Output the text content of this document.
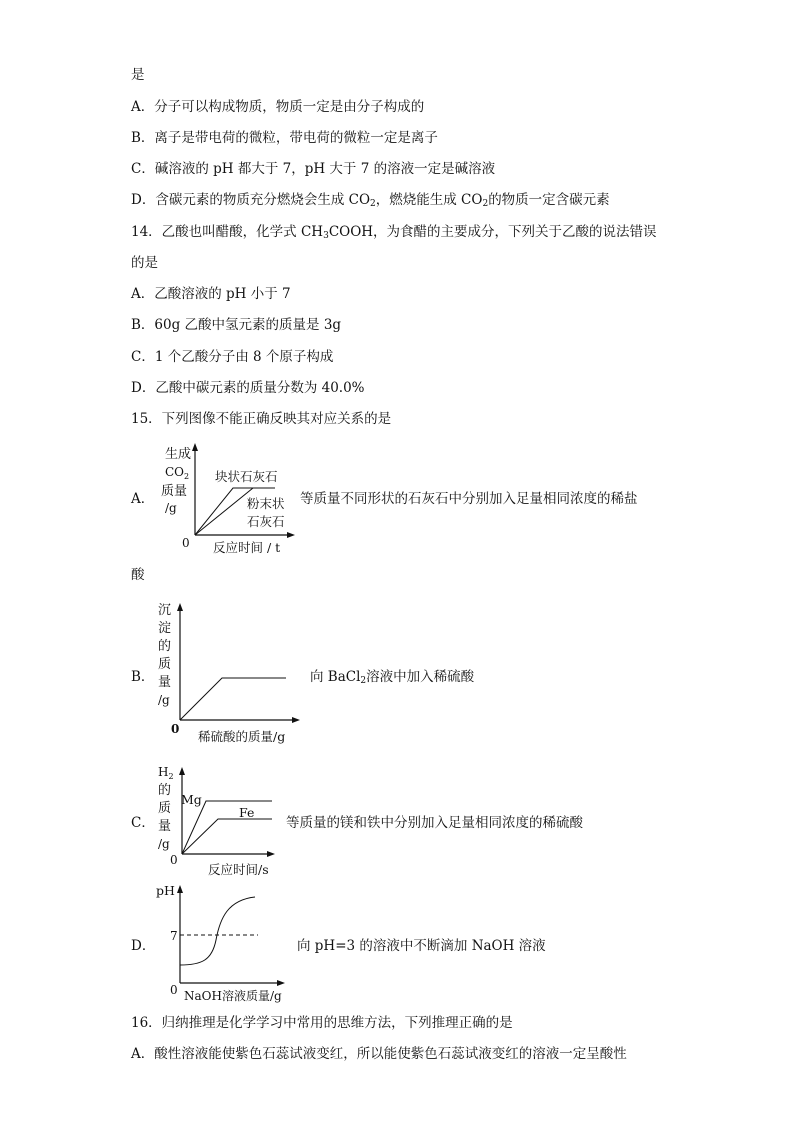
是
A．分子可以构成物质，物质一定是由分子构成的
B．离子是带电荷的微粒，带电荷的微粒一定是离子
C．碱溶液的 pH 都大于 7，pH 大于 7 的溶液一定是碱溶液
D．含碳元素的物质充分燃烧会生成 $CO_2$，燃烧能生成 $CO_2$的物质一定含碳元素
14．乙酸也叫醋酸，化学式 $CH_3COOH$，为食醋的主要成分，下列关于乙酸的说法错误
的是
A．乙酸溶液的 pH 小于 7
B．60g 乙酸中氢元素的质量是 3g
C．1 个乙酸分子由 8 个原子构成
D．乙酸中碳元素的质量分数为 40.0%
15．下列图像不能正确反映其对应关系的是
A．
生成
$CO_2$
质量
/g
块状石灰石
粉末状
石灰石
0 反应时间 / t
等质量不同形状的石灰石中分别加入足量相同浓度的稀盐
酸
B．
沉
淀
的
质
量
/g
0 稀硫酸的质量/g
向 BaCl$_2$溶液中加入稀硫酸
C．
$H_2$
的
质
量
/g
Mg
Fe
0
反应时间/s
等质量的镁和铁中分别加入足量相同浓度的稀硫酸
D．
pH
7
0 NaOH溶液质量/g
向 pH=3 的溶液中不断滴加 NaOH 溶液
16．归纳推理是化学学习中常用的思维方法，下列推理正确的是
A．酸性溶液能使紫色石蕊试液变红，所以能使紫色石蕊试液变红的溶液一定呈酸性
